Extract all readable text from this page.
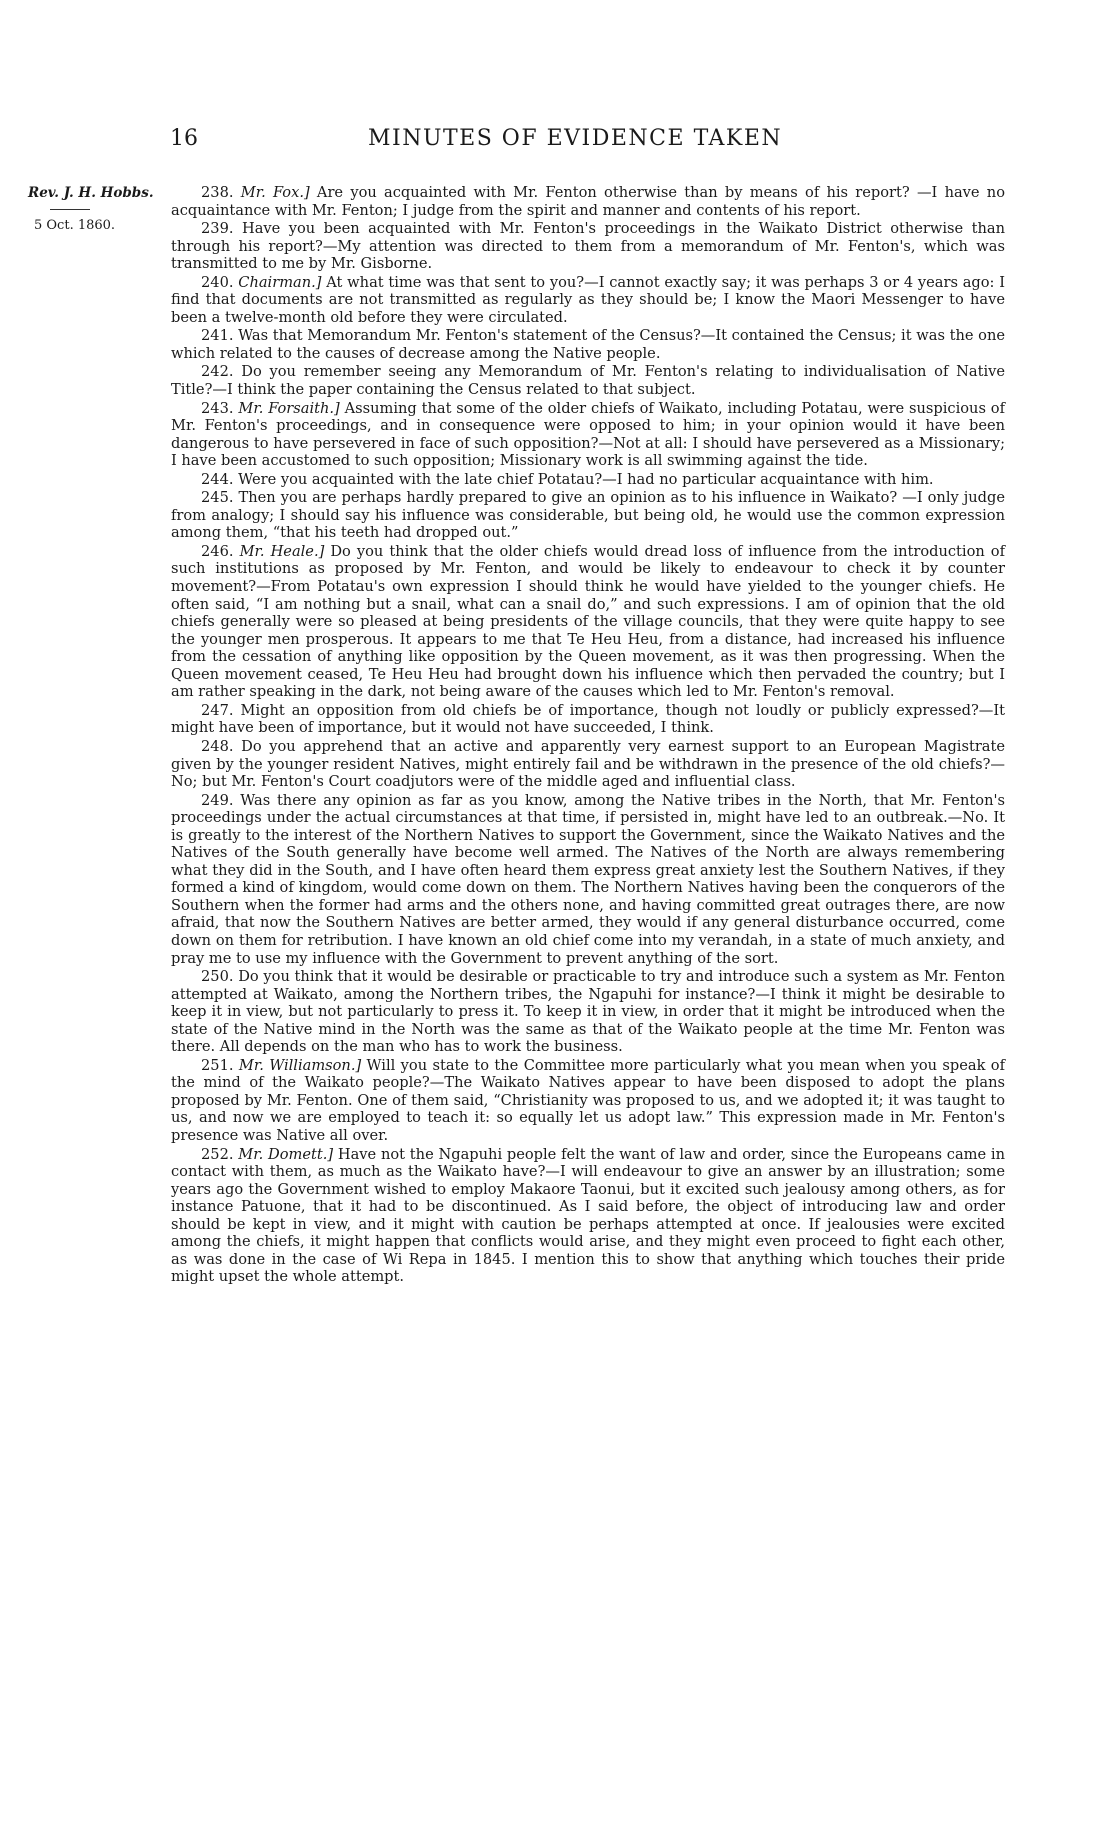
16	MINUTES OF EVIDENCE TAKEN
Rev. J. H. Hobbs.
5 Oct. 1860.

238. Mr. Fox.] Are you acquainted with Mr. Fenton otherwise than by means of his report? —I have no acquaintance with Mr. Fenton; I judge from the spirit and manner and contents of his report.

239. Have you been acquainted with Mr. Fenton's proceedings in the Waikato District otherwise than through his report?—My attention was directed to them from a memorandum of Mr. Fenton's, which was transmitted to me by Mr. Gisborne.

240. Chairman.] At what time was that sent to you?—I cannot exactly say; it was perhaps 3 or 4 years ago: I find that documents are not transmitted as regularly as they should be; I know the Maori Messenger to have been a twelve-month old before they were circulated.

241. Was that Memorandum Mr. Fenton's statement of the Census?—It contained the Census; it was the one which related to the causes of decrease among the Native people.

242. Do you remember seeing any Memorandum of Mr. Fenton's relating to individualisation of Native Title?—I think the paper containing the Census related to that subject.

243. Mr. Forsaith.] Assuming that some of the older chiefs of Waikato, including Potatau, were suspicious of Mr. Fenton's proceedings, and in consequence were opposed to him; in your opinion would it have been dangerous to have persevered in face of such opposition?—Not at all: I should have persevered as a Missionary; I have been accustomed to such opposition; Missionary work is all swimming against the tide.

244. Were you acquainted with the late chief Potatau?—I had no particular acquaintance with him.

245. Then you are perhaps hardly prepared to give an opinion as to his influence in Waikato? —I only judge from analogy; I should say his influence was considerable, but being old, he would use the common expression among them, “that his teeth had dropped out.”

246. Mr. Heale.] Do you think that the older chiefs would dread loss of influence from the introduction of such institutions as proposed by Mr. Fenton, and would be likely to endeavour to check it by counter movement?—From Potatau's own expression I should think he would have yielded to the younger chiefs. He often said, “I am nothing but a snail, what can a snail do,” and such expressions. I am of opinion that the old chiefs generally were so pleased at being presidents of the village councils, that they were quite happy to see the younger men prosperous. It appears to me that Te Heu Heu, from a distance, had increased his influence from the cessation of anything like opposition by the Queen movement, as it was then progressing. When the Queen movement ceased, Te Heu Heu had brought down his influence which then pervaded the country; but I am rather speaking in the dark, not being aware of the causes which led to Mr. Fenton's removal.

247. Might an opposition from old chiefs be of importance, though not loudly or publicly expressed?—It might have been of importance, but it would not have succeeded, I think.

248. Do you apprehend that an active and apparently very earnest support to an European Magistrate given by the younger resident Natives, might entirely fail and be withdrawn in the presence of the old chiefs?—No; but Mr. Fenton's Court coadjutors were of the middle aged and influential class.

249. Was there any opinion as far as you know, among the Native tribes in the North, that Mr. Fenton's proceedings under the actual circumstances at that time, if persisted in, might have led to an outbreak.—No. It is greatly to the interest of the Northern Natives to support the Government, since the Waikato Natives and the Natives of the South generally have become well armed. The Natives of the North are always remembering what they did in the South, and I have often heard them express great anxiety lest the Southern Natives, if they formed a kind of kingdom, would come down on them. The Northern Natives having been the conquerors of the Southern when the former had arms and the others none, and having committed great outrages there, are now afraid, that now the Southern Natives are better armed, they would if any general disturbance occurred, come down on them for retribution. I have known an old chief come into my verandah, in a state of much anxiety, and pray me to use my influence with the Government to prevent anything of the sort.

250. Do you think that it would be desirable or practicable to try and introduce such a system as Mr. Fenton attempted at Waikato, among the Northern tribes, the Ngapuhi for instance?—I think it might be desirable to keep it in view, but not particularly to press it. To keep it in view, in order that it might be introduced when the state of the Native mind in the North was the same as that of the Waikato people at the time Mr. Fenton was there. All depends on the man who has to work the business.

251. Mr. Williamson.] Will you state to the Committee more particularly what you mean when you speak of the mind of the Waikato people?—The Waikato Natives appear to have been disposed to adopt the plans proposed by Mr. Fenton. One of them said, “Christianity was proposed to us, and we adopted it; it was taught to us, and now we are employed to teach it: so equally let us adopt law.” This expression made in Mr. Fenton's presence was Native all over.

252. Mr. Domett.] Have not the Ngapuhi people felt the want of law and order, since the Europeans came in contact with them, as much as the Waikato have?—I will endeavour to give an answer by an illustration; some years ago the Government wished to employ Makaore Taonui, but it excited such jealousy among others, as for instance Patuone, that it had to be discontinued. As I said before, the object of introducing law and order should be kept in view, and it might with caution be perhaps attempted at once. If jealousies were excited among the chiefs, it might happen that conflicts would arise, and they might even proceed to fight each other, as was done in the case of Wi Repa in 1845. I mention this to show that anything which touches their pride might upset the whole attempt.
